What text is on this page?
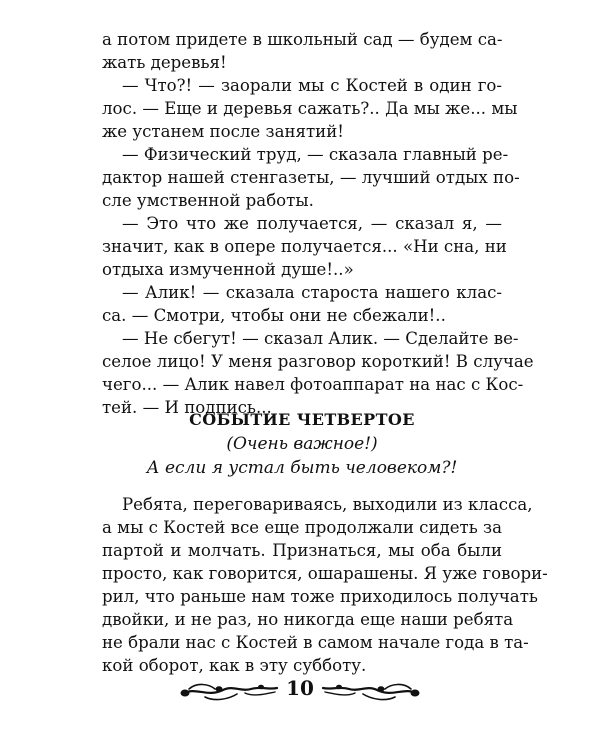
а потом придете в школьный сад — будем са-
жать деревья!
— Что?! — заорали мы с Костей в один го-
лос. — Еще и деревья сажать?.. Да мы же... мы
же устанем после занятий!
— Физический труд, — сказала главный ре-
дактор нашей стенгазеты, — лучший отдых по-
сле умственной работы.
— Это что же получается, — сказал я, —
значит, как в опере получается... «Ни сна, ни
отдыха измученной душе!..»
— Алик! — сказала староста нашего клас-
са. — Смотри, чтобы они не сбежали!..
— Не сбегут! — сказал Алик. — Сделайте ве-
селое лицо! У меня разговор короткий! В случае
чего... — Алик навел фотоаппарат на нас с Кос-
тей. — И подпись...
СОБЫТИЕ ЧЕТВЕРТОЕ
(Очень важное!)
А если я устал быть человеком?!
Ребята, переговариваясь, выходили из класса,
а мы с Костей все еще продолжали сидеть за
партой и молчать. Признаться, мы оба были
просто, как говорится, ошарашены. Я уже говори-
рил, что раньше нам тоже приходилось получать
двойки, и не раз, но никогда еще наши ребята
не брали нас с Костей в самом начале года в та-
кой оборот, как в эту субботу.
10
